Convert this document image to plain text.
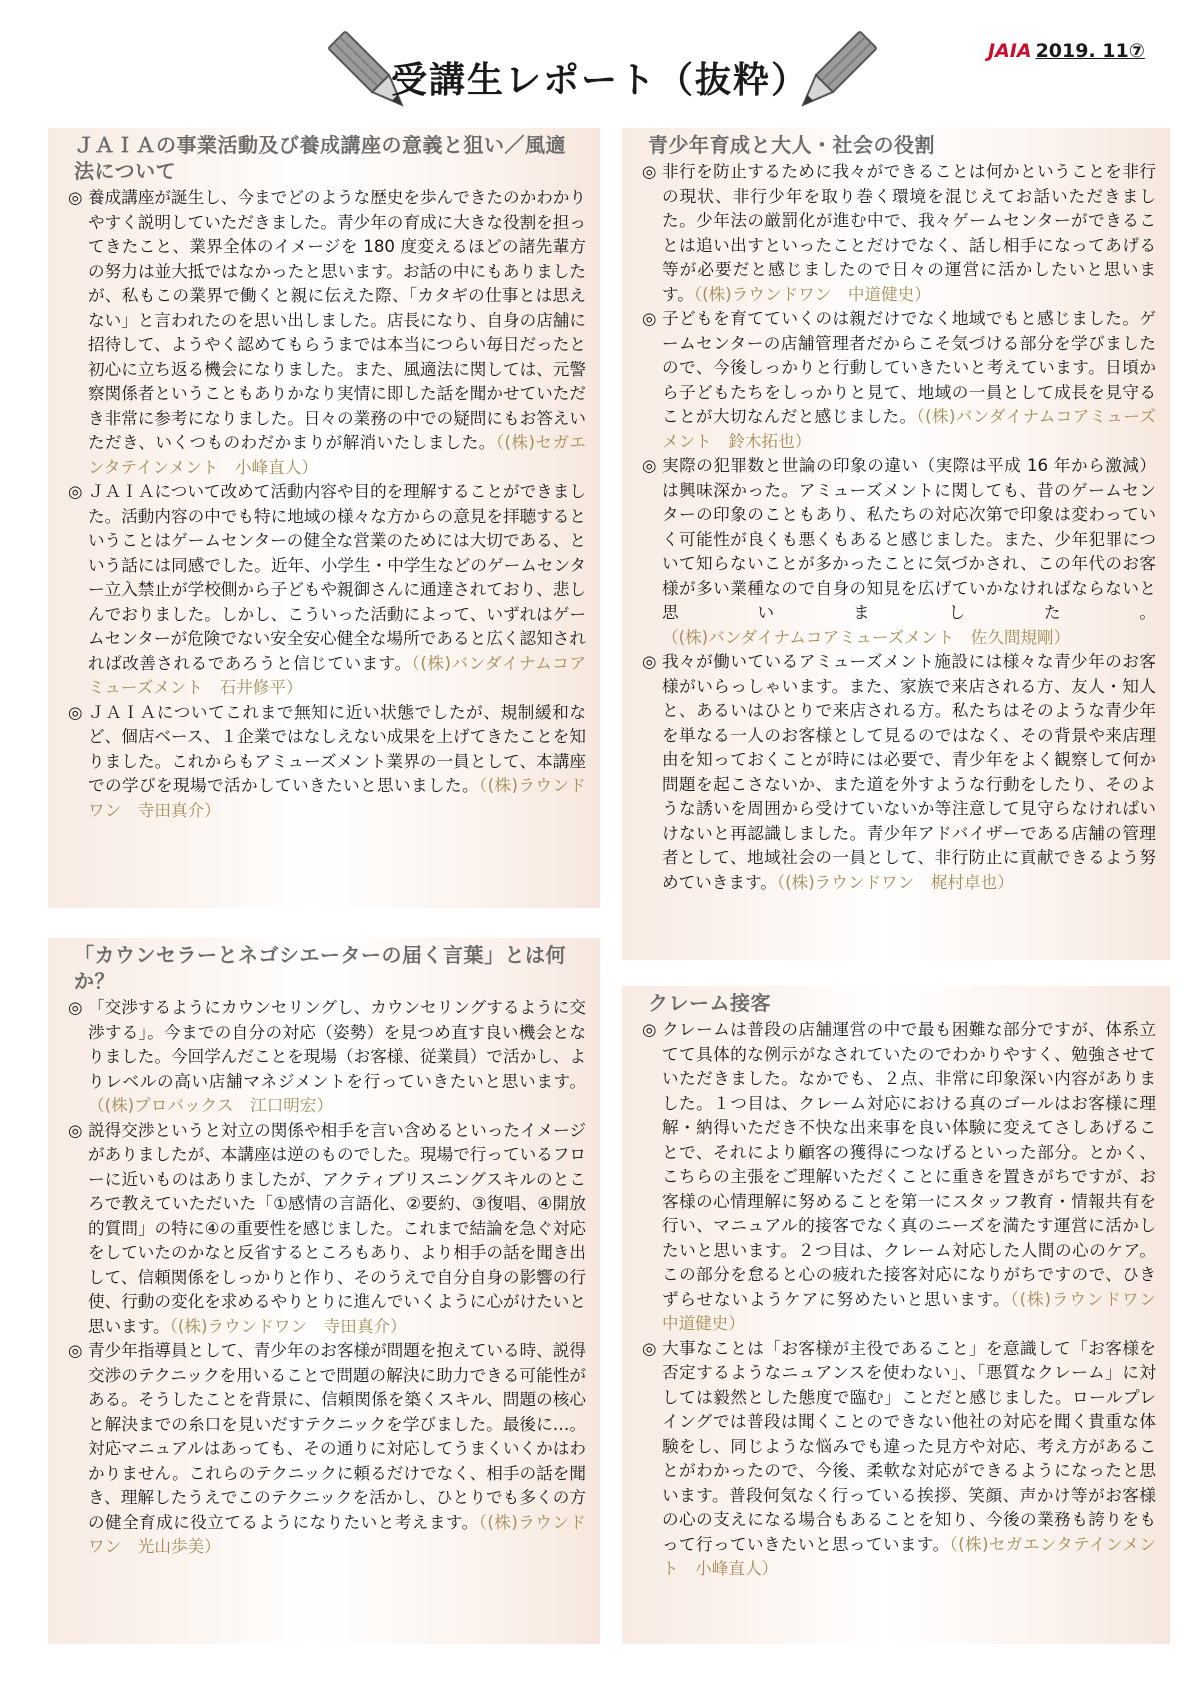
受講生レポート（抜粋）
JAIA 2019. 11⑦
ＪＡＩＡの事業活動及び養成講座の意義と狙い／風適法について

◎ 養成講座が誕生し、今までどのような歴史を歩んできたのかわかりやすく説明していただきました。青少年の育成に大きな役割を担ってきたこと、業界全体のイメージを 180 度変えるほどの諸先輩方の努力は並大抵ではなかったと思います。お話の中にもありましたが、私もこの業界で働くと親に伝えた際、「カタギの仕事とは思えない」と言われたのを思い出しました。店長になり、自身の店舗に招待して、ようやく認めてもらうまでは本当につらい毎日だったと初心に立ち返る機会になりました。また、風適法に関しては、元警察関係者ということもありかなり実情に即した話を聞かせていただき非常に参考になりました。日々の業務の中での疑問にもお答えいただき、いくつものわだかまりが解消いたしました。（(株)セガエンタテインメント　小峰直人）

◎ ＪＡＩＡについて改めて活動内容や目的を理解することができました。活動内容の中でも特に地域の様々な方からの意見を拝聴するということはゲームセンターの健全な営業のためには大切である、という話には同感でした。近年、小学生・中学生などのゲームセンター立入禁止が学校側から子どもや親御さんに通達されており、悲しんでおりました。しかし、こういった活動によって、いずれはゲームセンターが危険でない安全安心健全な場所であると広く認知されれば改善されるであろうと信じています。（(株)バンダイナムコアミューズメント　石井修平）

◎ ＪＡＩＡについてこれまで無知に近い状態でしたが、規制緩和など、個店ベース、１企業ではなしえない成果を上げてきたことを知りました。これからもアミューズメント業界の一員として、本講座での学びを現場で活かしていきたいと思いました。（(株)ラウンドワン　寺田真介）

「カウンセラーとネゴシエーターの届く言葉」とは何か？

◎ 「交渉するようにカウンセリングし、カウンセリングするように交渉する」。今までの自分の対応（姿勢）を見つめ直す良い機会となりました。今回学んだことを現場（お客様、従業員）で活かし、よりレベルの高い店舗マネジメントを行っていきたいと思います。（(株)プロバックス　江口明宏）

◎ 説得交渉というと対立の関係や相手を言い含めるといったイメージがありましたが、本講座は逆のものでした。現場で行っているフローに近いものはありましたが、アクティブリスニングスキルのところで教えていただいた「①感情の言語化、②要約、③復唱、④開放的質問」の特に④の重要性を感じました。これまで結論を急ぐ対応をしていたのかなと反省するところもあり、より相手の話を聞き出して、信頼関係をしっかりと作り、そのうえで自分自身の影響の行使、行動の変化を求めるやりとりに進んでいくように心がけたいと思います。（(株)ラウンドワン　寺田真介）

◎ 青少年指導員として、青少年のお客様が問題を抱えている時、説得交渉のテクニックを用いることで問題の解決に助力できる可能性がある。そうしたことを背景に、信頼関係を築くスキル、問題の核心と解決までの糸口を見いだすテクニックを学びました。最後に…。対応マニュアルはあっても、その通りに対応してうまくいくかはわかりません。これらのテクニックに頼るだけでなく、相手の話を聞き、理解したうえでこのテクニックを活かし、ひとりでも多くの方の健全育成に役立てるようになりたいと考えます。（(株)ラウンドワン　光山歩美）

青少年育成と大人・社会の役割

◎ 非行を防止するために我々ができることは何かということを非行の現状、非行少年を取り巻く環境を混じえてお話いただきました。少年法の厳罰化が進む中で、我々ゲームセンターができることは追い出すといったことだけでなく、話し相手になってあげる等が必要だと感じましたので日々の運営に活かしたいと思います。（(株)ラウンドワン　中道健史）

◎ 子どもを育てていくのは親だけでなく地域でもと感じました。ゲームセンターの店舗管理者だからこそ気づける部分を学びましたので、今後しっかりと行動していきたいと考えています。日頃から子どもたちをしっかりと見て、地域の一員として成長を見守ることが大切なんだと感じました。（(株)バンダイナムコアミューズメント　鈴木拓也）

◎ 実際の犯罪数と世論の印象の違い（実際は平成 16 年から激減）は興味深かった。アミューズメントに関しても、昔のゲームセンターの印象のこともあり、私たちの対応次第で印象は変わっていく可能性が良くも悪くもあると感じました。また、少年犯罪について知らないことが多かったことに気づかされ、この年代のお客様が多い業種なので自身の知見を広げていかなければならないと思いました。（(株)バンダイナムコアミューズメント　佐久間規剛）

◎ 我々が働いているアミューズメント施設には様々な青少年のお客様がいらっしゃいます。また、家族で来店される方、友人・知人と、あるいはひとりで来店される方。私たちはそのような青少年を単なる一人のお客様として見るのではなく、その背景や来店理由を知っておくことが時には必要で、青少年をよく観察して何か問題を起こさないか、また道を外すような行動をしたり、そのような誘いを周囲から受けていないか等注意して見守らなければいけないと再認識しました。青少年アドバイザーである店舗の管理者として、地域社会の一員として、非行防止に貢献できるよう努めていきます。（(株)ラウンドワン　梶村卓也）

クレーム接客

◎ クレームは普段の店舗運営の中で最も困難な部分ですが、体系立てて具体的な例示がなされていたのでわかりやすく、勉強させていただきました。なかでも、２点、非常に印象深い内容がありました。１つ目は、クレーム対応における真のゴールはお客様に理解・納得いただき不快な出来事を良い体験に変えてさしあげることで、それにより顧客の獲得につなげるといった部分。とかく、こちらの主張をご理解いただくことに重きを置きがちですが、お客様の心情理解に努めることを第一にスタッフ教育・情報共有を行い、マニュアル的接客でなく真のニーズを満たす運営に活かしたいと思います。２つ目は、クレーム対応した人間の心のケア。この部分を怠ると心の疲れた接客対応になりがちですので、ひきずらせないようケアに努めたいと思います。（(株)ラウンドワン　中道健史）

◎ 大事なことは「お客様が主役であること」を意識して「お客様を否定するようなニュアンスを使わない」、「悪質なクレーム」に対しては毅然とした態度で臨む」ことだと感じました。ロールプレイングでは普段は聞くことのできない他社の対応を聞く貴重な体験をし、同じような悩みでも違った見方や対応、考え方があることがわかったので、今後、柔軟な対応ができるようになったと思います。普段何気なく行っている挨拶、笑顔、声かけ等がお客様の心の支えになる場合もあることを知り、今後の業務も誇りをもって行っていきたいと思っています。（(株)セガエンタテインメント　小峰直人）
